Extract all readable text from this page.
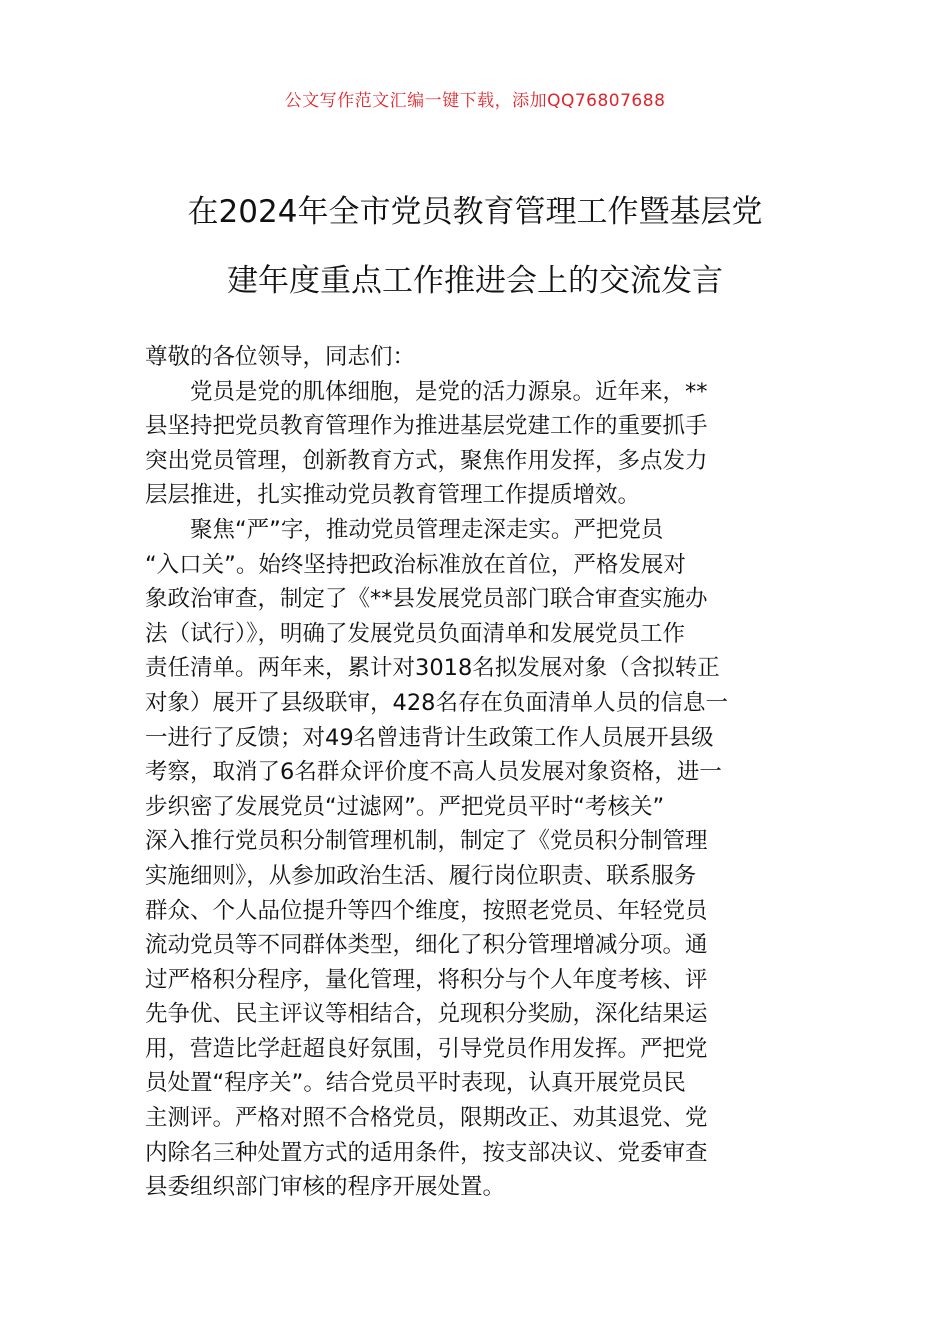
公文写作范文汇编一键下载，添加QQ76807688
在2024年全市党员教育管理工作暨基层党
建年度重点工作推进会上的交流发言
尊敬的各位领导，同志们：
党员是党的肌体细胞，是党的活力源泉。近年来，**
县坚持把党员教育管理作为推进基层党建工作的重要抓手
突出党员管理，创新教育方式，聚焦作用发挥，多点发力
层层推进，扎实推动党员教育管理工作提质增效。
聚焦“严”字，推动党员管理走深走实。严把党员
“入口关”。始终坚持把政治标准放在首位，严格发展对
象政治审查，制定了《**县发展党员部门联合审查实施办
法（试行）》，明确了发展党员负面清单和发展党员工作
责任清单。两年来，累计对3018名拟发展对象（含拟转正
对象）展开了县级联审，428名存在负面清单人员的信息一
一进行了反馈；对49名曾违背计生政策工作人员展开县级
考察，取消了6名群众评价度不高人员发展对象资格，进一
步织密了发展党员“过滤网”。严把党员平时“考核关”
深入推行党员积分制管理机制，制定了《党员积分制管理
实施细则》，从参加政治生活、履行岗位职责、联系服务
群众、个人品位提升等四个维度，按照老党员、年轻党员
流动党员等不同群体类型，细化了积分管理增减分项。通
过严格积分程序，量化管理，将积分与个人年度考核、评
先争优、民主评议等相结合，兑现积分奖励，深化结果运
用，营造比学赶超良好氛围，引导党员作用发挥。严把党
员处置“程序关”。结合党员平时表现，认真开展党员民
主测评。严格对照不合格党员，限期改正、劝其退党、党
内除名三种处置方式的适用条件，按支部决议、党委审查
县委组织部门审核的程序开展处置。
